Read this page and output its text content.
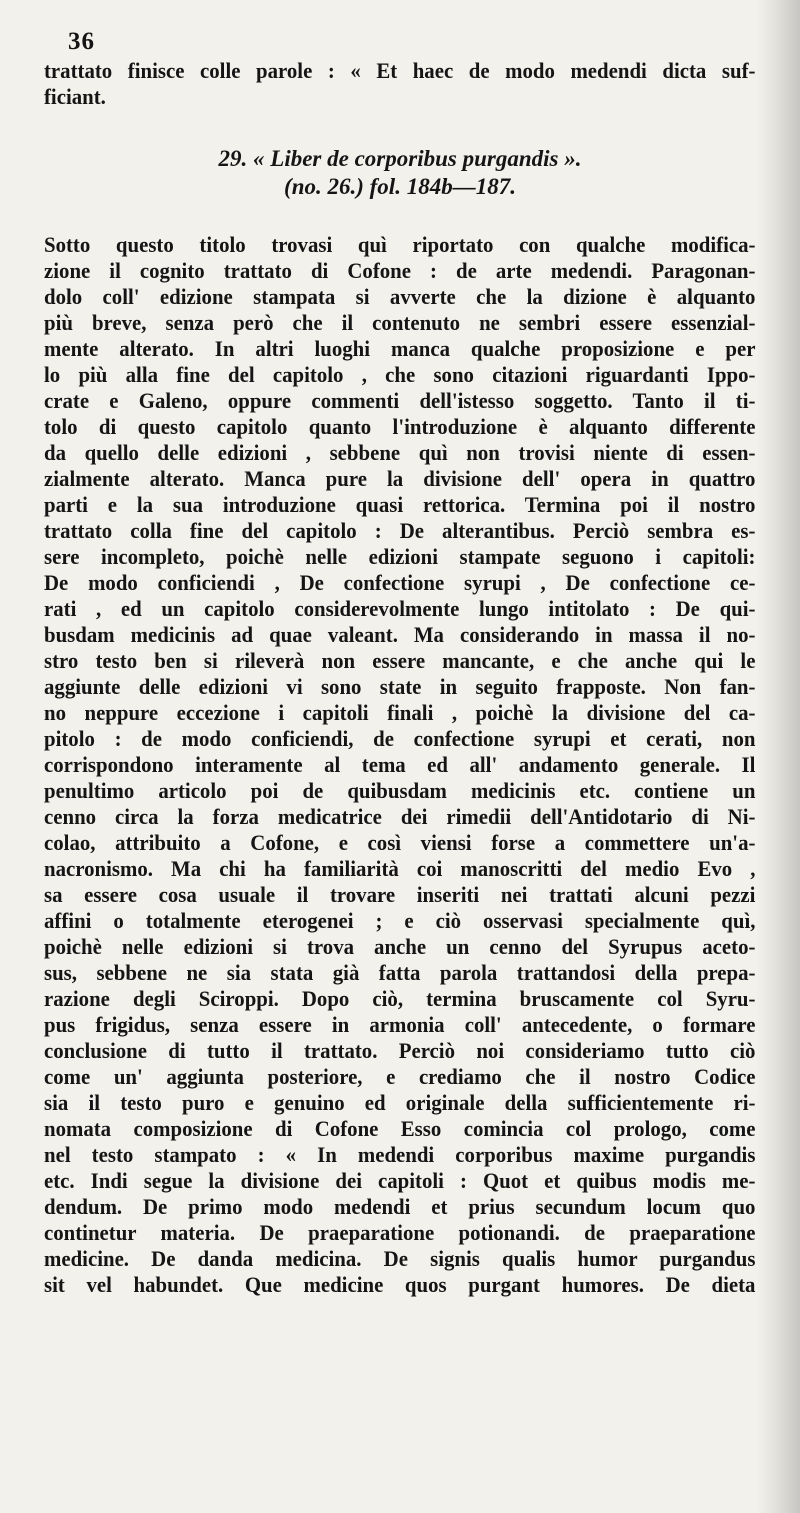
36
trattato finisce colle parole : « Et haec de modo medendi dicta suf-
ficiant.
29. « Liber de corporibus purgandis ».
(no. 26.) fol. 184b—187.
Sotto questo titolo trovasi quì riportato con qualche modifica-
zione il cognito trattato di Cofone : de arte medendi. Paragonan-
dolo coll' edizione stampata si avverte che la dizione è alquanto
più breve, senza però che il contenuto ne sembri essere essenzial-
mente alterato. In altri luoghi manca qualche proposizione e per
lo più alla fine del capitolo , che sono citazioni riguardanti Ippo-
crate e Galeno, oppure commenti dell'istesso soggetto. Tanto il ti-
tolo di questo capitolo quanto l'introduzione è alquanto differente
da quello delle edizioni , sebbene quì non trovisi niente di essen-
zialmente alterato. Manca pure la divisione dell' opera in quattro
parti e la sua introduzione quasi rettorica. Termina poi il nostro
trattato colla fine del capitolo : De alterantibus. Perciò sembra es-
sere incompleto, poichè nelle edizioni stampate seguono i capitoli:
De modo conficiendi , De confectione syrupi , De confectione ce-
rati , ed un capitolo considerevolmente lungo intitolato : De qui-
busdam medicinis ad quae valeant. Ma considerando in massa il no-
stro testo ben si rileverà non essere mancante, e che anche qui le
aggiunte delle edizioni vi sono state in seguito frapposte. Non fan-
no neppure eccezione i capitoli finali , poichè la divisione del ca-
pitolo : de modo conficiendi, de confectione syrupi et cerati, non
corrispondono interamente al tema ed all' andamento generale. Il
penultimo articolo poi de quibusdam medicinis etc. contiene un
cenno circa la forza medicatrice dei rimedii dell'Antidotario di Ni-
colao, attribuito a Cofone, e così viensi forse a commettere un'a-
nacronismo. Ma chi ha familiarità coi manoscritti del medio Evo ,
sa essere cosa usuale il trovare inseriti nei trattati alcuni pezzi
affini o totalmente eterogenei ; e ciò osservasi specialmente quì,
poichè nelle edizioni si trova anche un cenno del Syrupus aceto-
sus, sebbene ne sia stata già fatta parola trattandosi della prepa-
razione degli Sciroppi. Dopo ciò, termina bruscamente col Syru-
pus frigidus, senza essere in armonia coll' antecedente, o formare
conclusione di tutto il trattato. Perciò noi consideriamo tutto ciò
come un' aggiunta posteriore, e crediamo che il nostro Codice
sia il testo puro e genuino ed originale della sufficientemente ri-
nomata composizione di Cofone Esso comincia col prologo, come
nel testo stampato : « In medendi corporibus maxime purgandis
etc. Indi segue la divisione dei capitoli : Quot et quibus modis me-
dendum. De primo modo medendi et prius secundum locum quo
continetur materia. De praeparatione potionandi. de praeparatione
medicine. De danda medicina. De signis qualis humor purgandus
sit vel habundet. Que medicine quos purgant humores. De dieta
